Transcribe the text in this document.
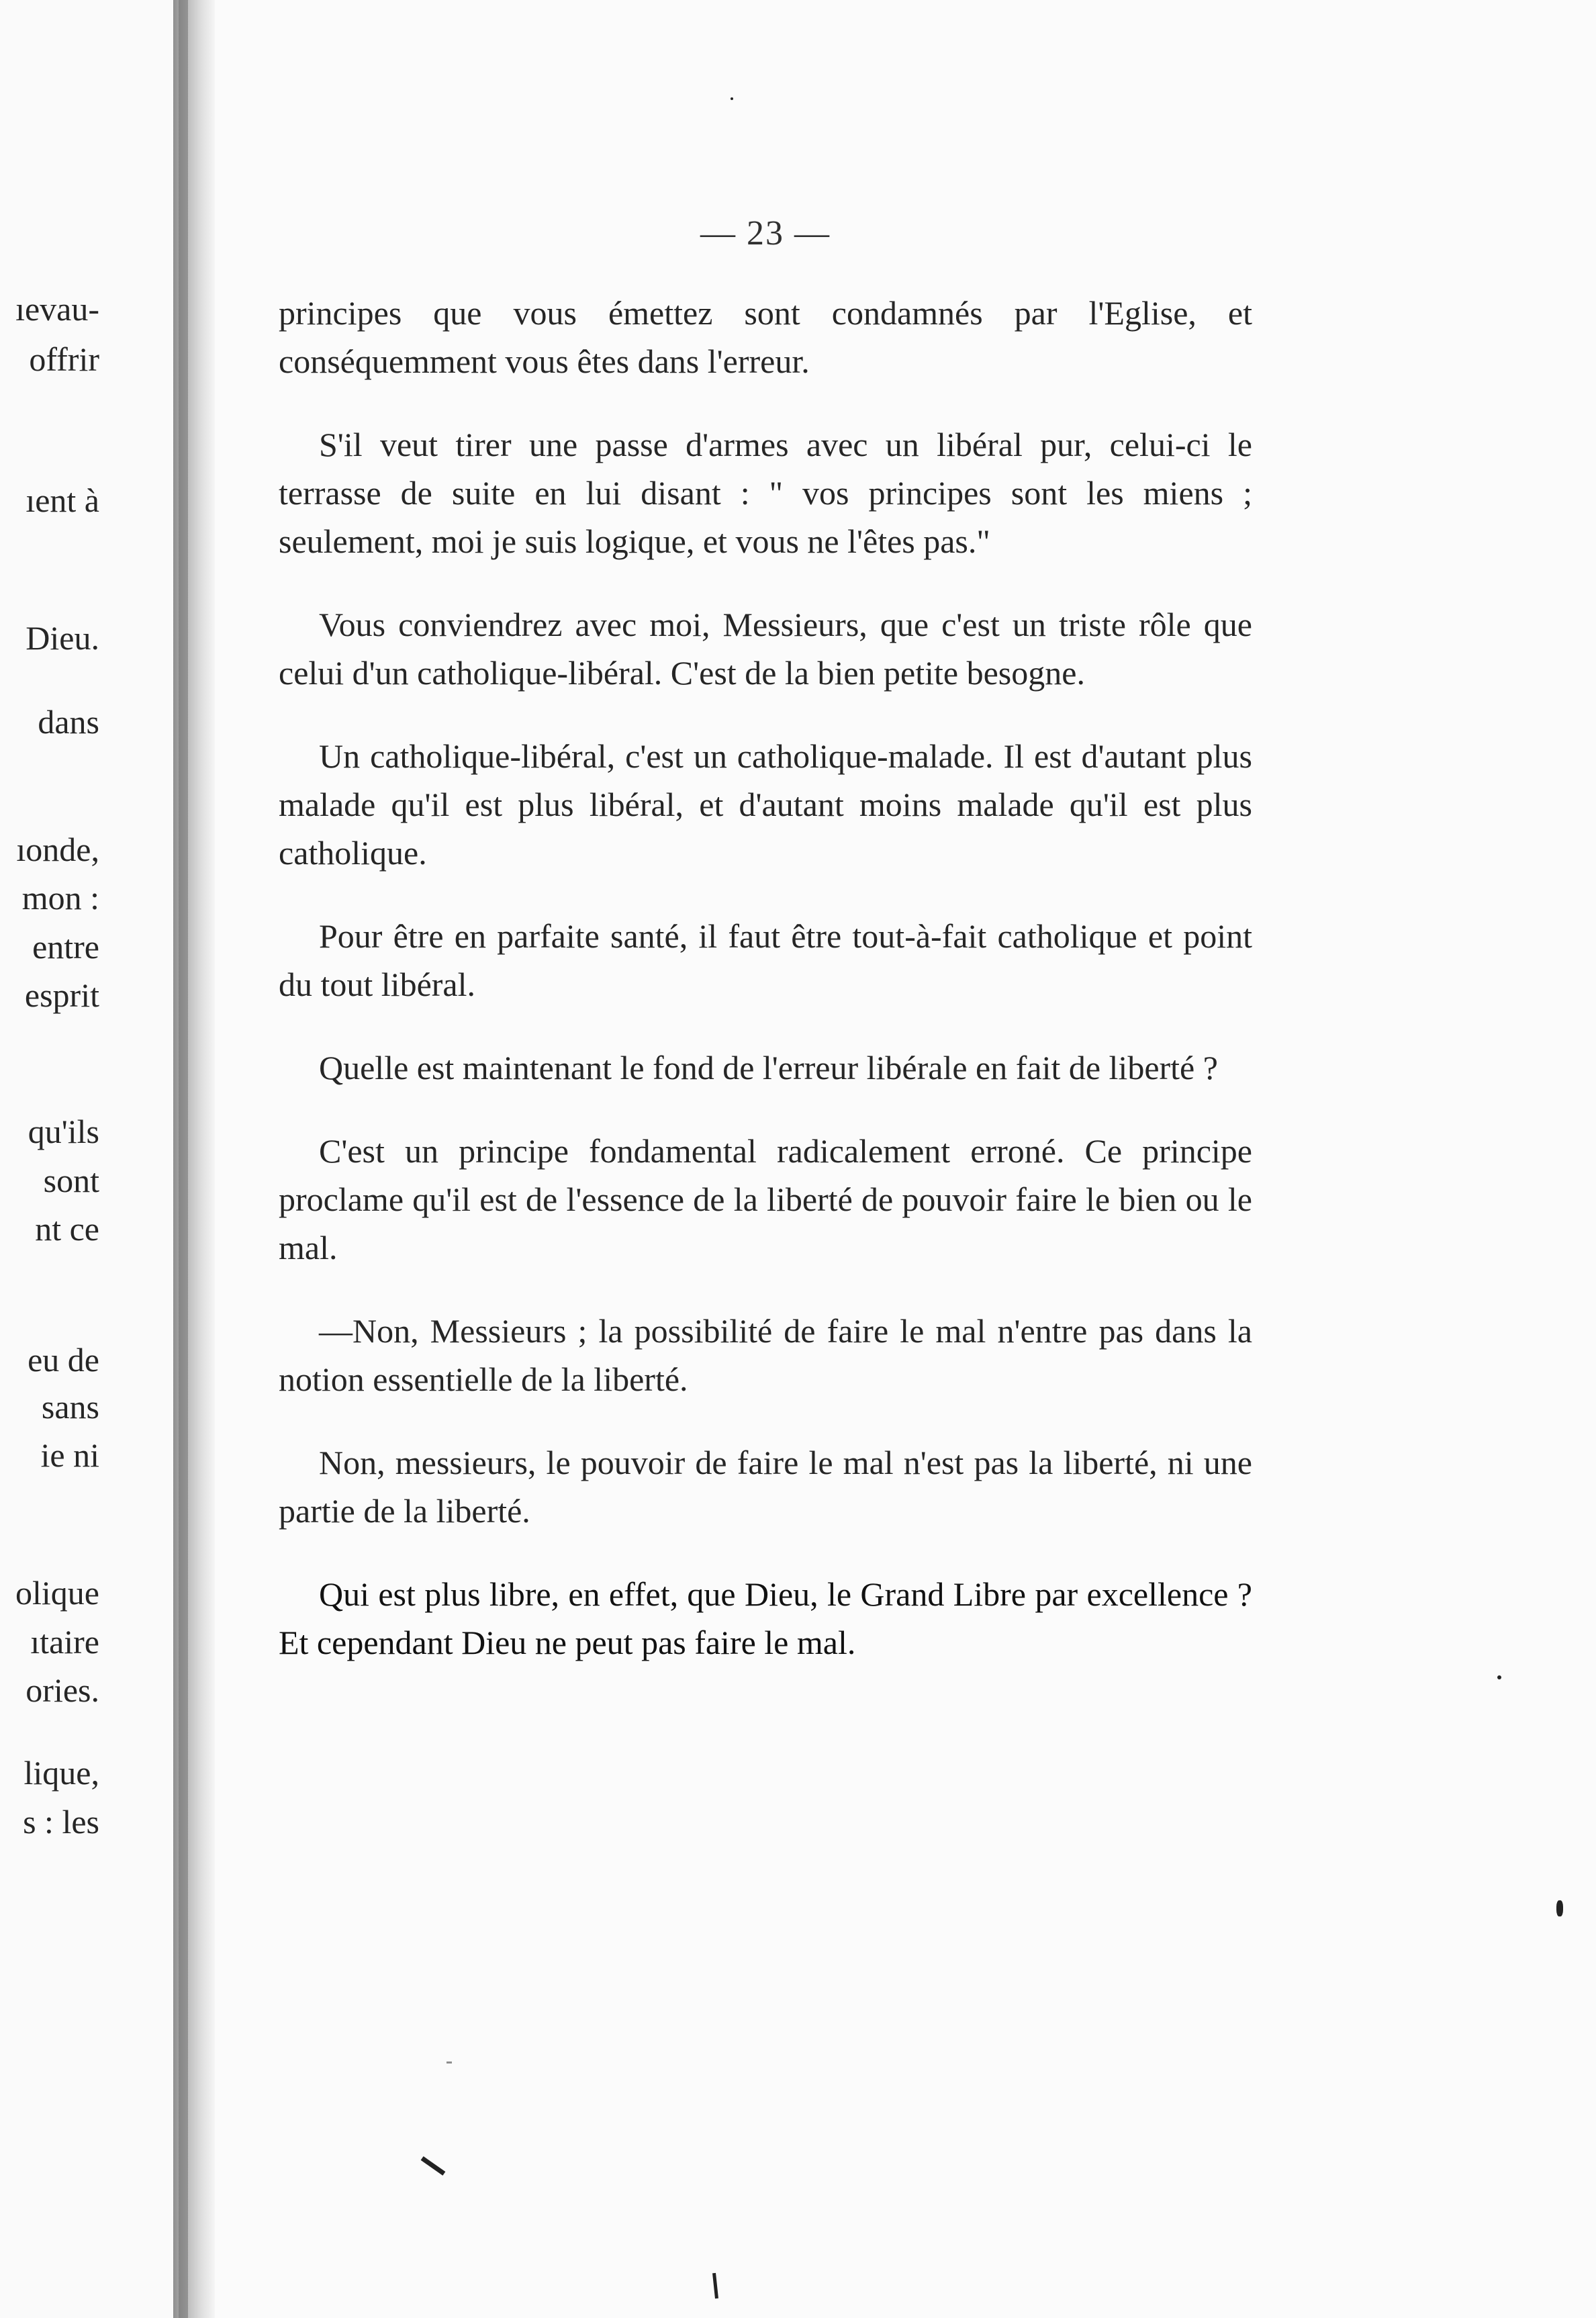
ıevau-
offrir
ıent à
Dieu.
dans
ıonde,
mon :
entre
esprit
qu'ils
sont
nt ce
eu de
sans
ie ni
olique
ıtaire
ories.
lique,
s : les
— 23 —

principes que vous émettez sont condamnés par l'Eglise, et conséquemment vous êtes dans l'erreur.

S'il veut tirer une passe d'armes avec un libéral pur, celui-ci le terrasse de suite en lui disant : " vos principes sont les miens ; seulement, moi je suis logique, et vous ne l'êtes pas."

Vous conviendrez avec moi, Messieurs, que c'est un triste rôle que celui d'un catholique-libéral. C'est de la bien petite besogne.

Un catholique-libéral, c'est un catholique-malade. Il est d'autant plus malade qu'il est plus libéral, et d'autant moins malade qu'il est plus catholique.

Pour être en parfaite santé, il faut être tout-à-fait catholique et point du tout libéral.

Quelle est maintenant le fond de l'erreur libérale en fait de liberté ?

C'est un principe fondamental radicalement erroné. Ce principe proclame qu'il est de l'essence de la liberté de pouvoir faire le bien ou le mal.

—Non, Messieurs ; la possibilité de faire le mal n'entre pas dans la notion essentielle de la liberté.

Non, messieurs, le pouvoir de faire le mal n'est pas la liberté, ni une partie de la liberté.

Qui est plus libre, en effet, que Dieu, le Grand Libre par excellence ? Et cependant Dieu ne peut pas faire le mal.
